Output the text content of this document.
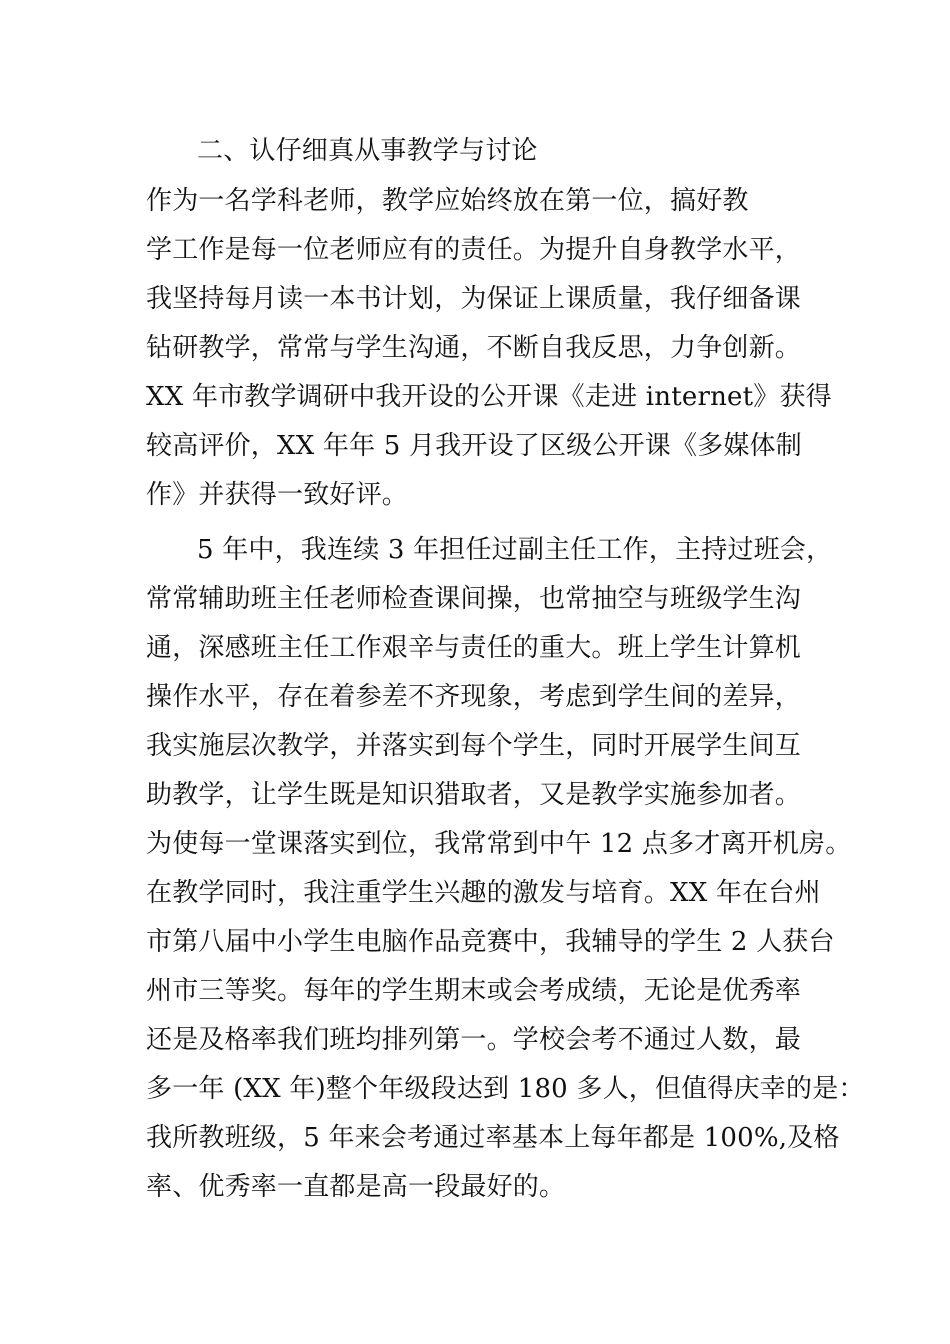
二、认仔细真从事教学与讨论
作为一名学科老师，教学应始终放在第一位，搞好教
学工作是每一位老师应有的责任。为提升自身教学水平，
我坚持每月读一本书计划，为保证上课质量，我仔细备课
钻研教学，常常与学生沟通，不断自我反思，力争创新。
XX 年市教学调研中我开设的公开课《走进 internet》获得
较高评价，XX 年年 5 月我开设了区级公开课《多媒体制
作》并获得一致好评。
5 年中，我连续 3 年担任过副主任工作，主持过班会，
常常辅助班主任老师检查课间操，也常抽空与班级学生沟
通，深感班主任工作艰辛与责任的重大。班上学生计算机
操作水平，存在着参差不齐现象，考虑到学生间的差异，
我实施层次教学，并落实到每个学生，同时开展学生间互
助教学，让学生既是知识猎取者，又是教学实施参加者。
为使每一堂课落实到位，我常常到中午 12 点多才离开机房。
在教学同时，我注重学生兴趣的激发与培育。XX 年在台州
市第八届中小学生电脑作品竞赛中，我辅导的学生 2 人获台
州市三等奖。每年的学生期末或会考成绩，无论是优秀率
还是及格率我们班均排列第一。学校会考不通过人数，最
多一年 (XX 年)整个年级段达到 180 多人，但值得庆幸的是：
我所教班级，5 年来会考通过率基本上每年都是 100%,及格
率、优秀率一直都是高一段最好的。
